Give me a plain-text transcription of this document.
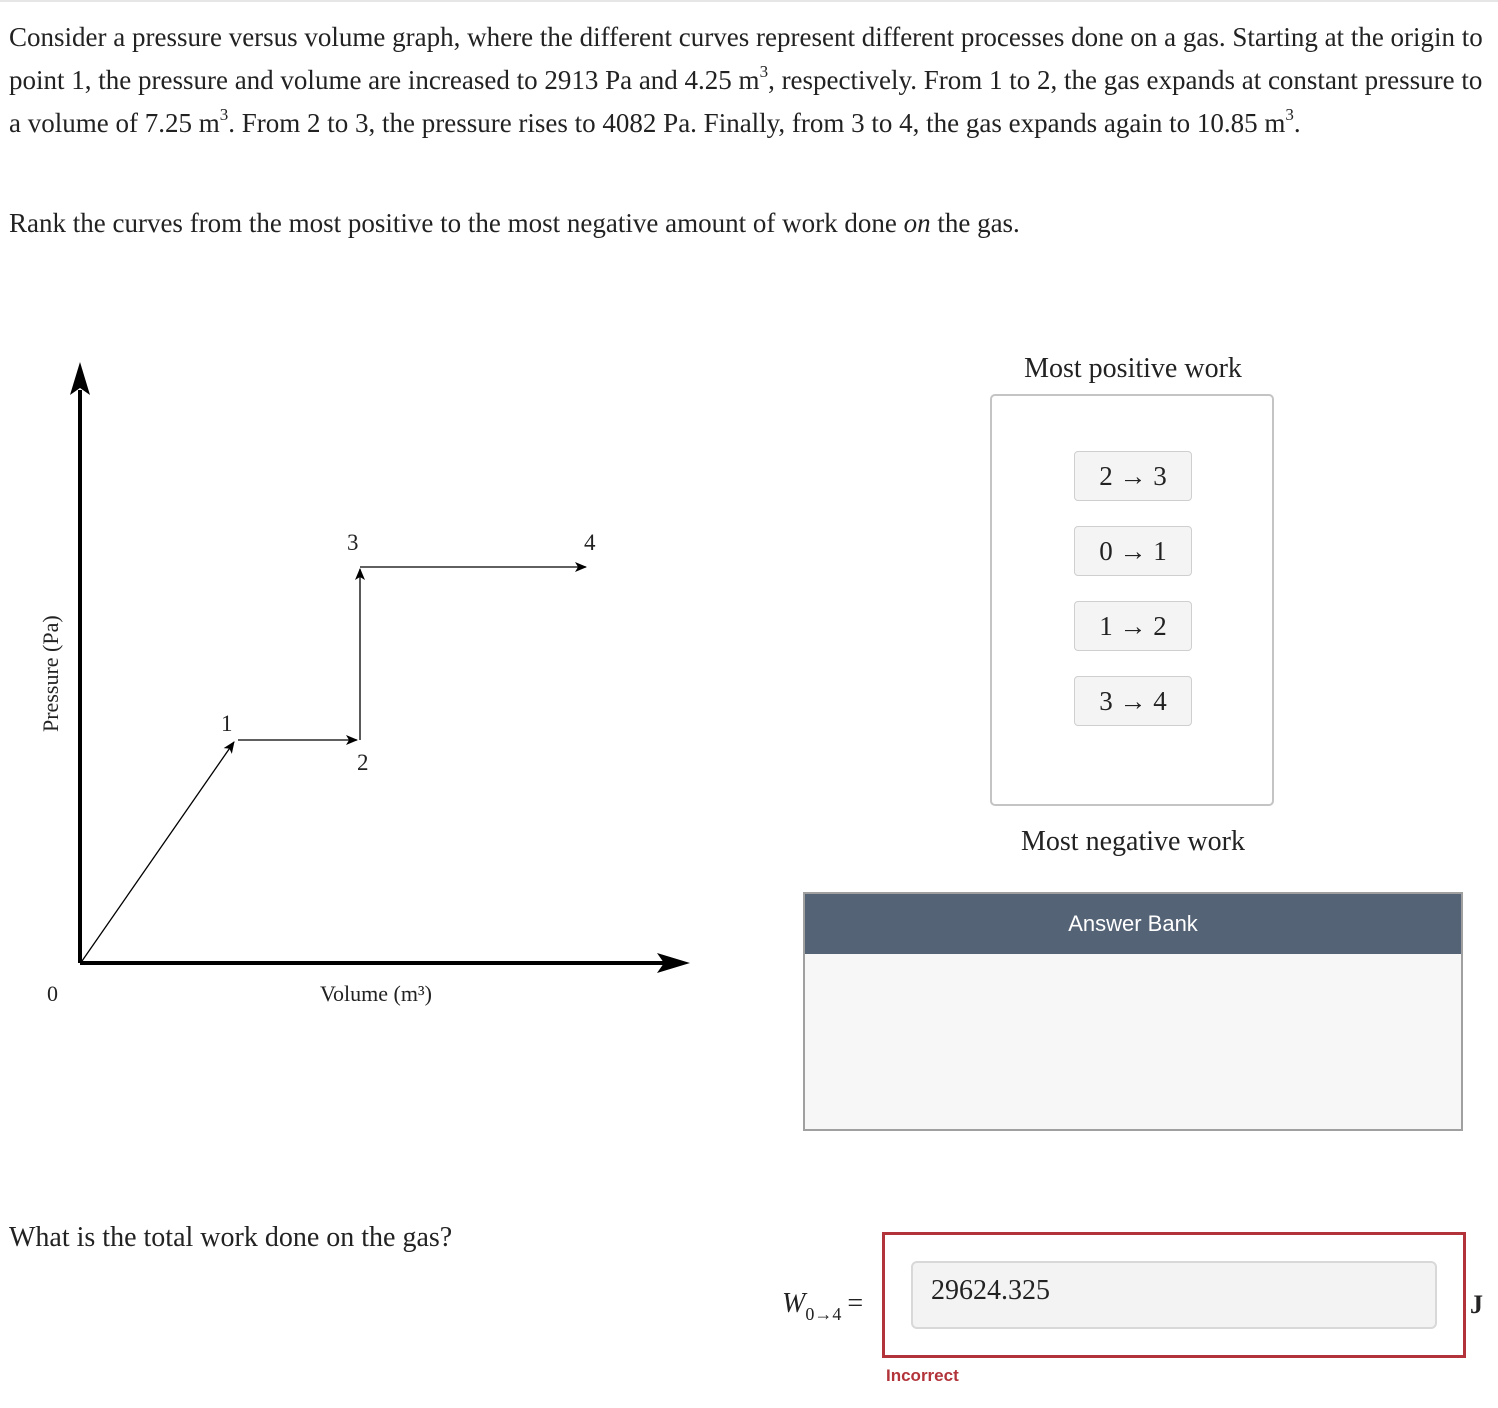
Consider a pressure versus volume graph, where the different curves represent different processes done on a gas. Starting at the origin to point 1, the pressure and volume are increased to 2913 Pa and 4.25 $m^3$, respectively. From 1 to 2, the gas expands at constant pressure to a volume of 7.25 $m^3$. From 2 to 3, the pressure rises to 4082 Pa. Finally, from 3 to 4, the gas expands again to 10.85 $m^3$.

Rank the curves from the most positive to the most negative amount of work done on the gas.

1
2
3	4
0	Volume (m³)
Pressure (Pa)
Most positive work
2 → 3
0 → 1
1 → 2
3 → 4
Most negative work
Answer Bank
What is the total work done on the gas?
$W_{0\to 4}$ =	29624.325	J
Incorrect
